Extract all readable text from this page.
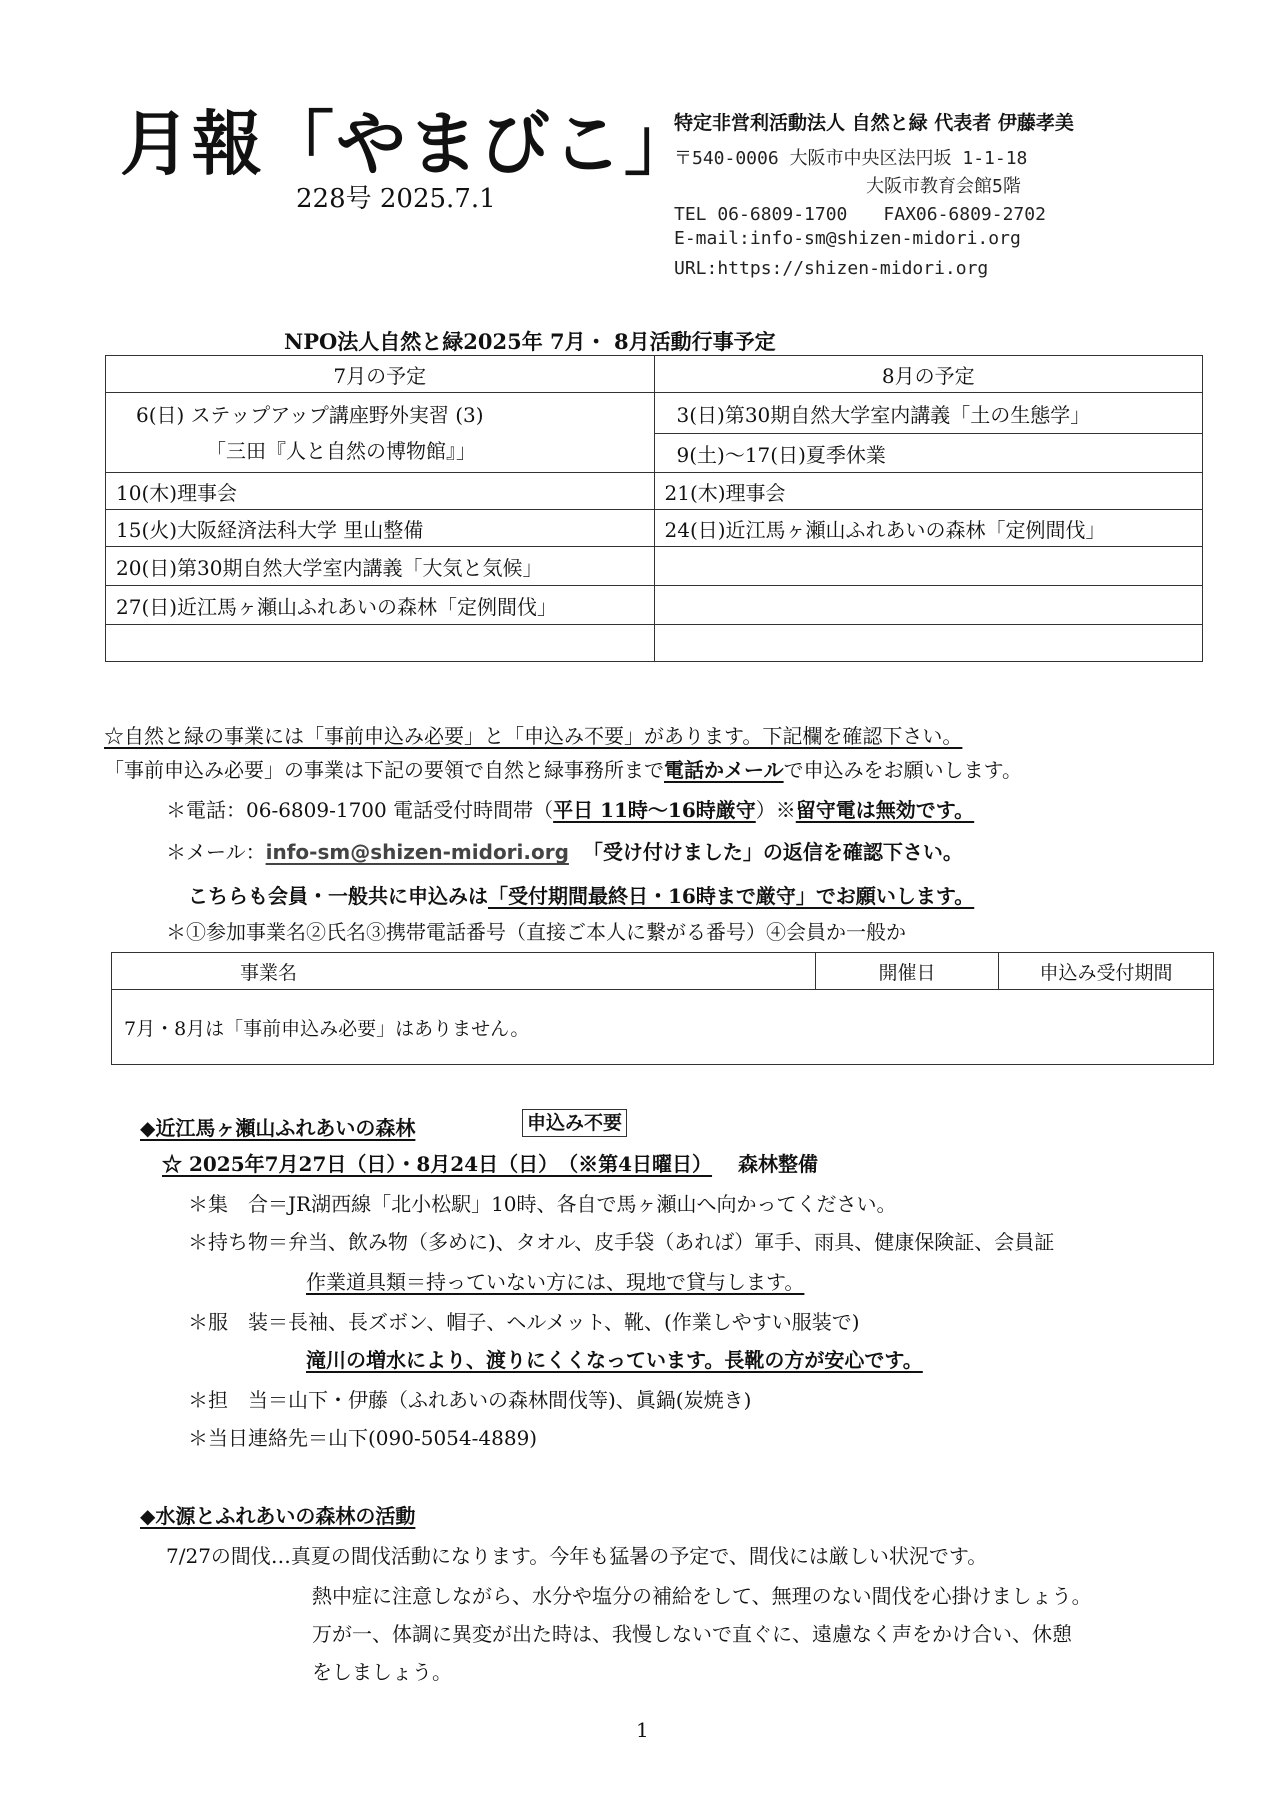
月報「やまびこ」
228号 2025.7.1
特定非営利活動法人 自然と緑 代表者 伊藤孝美
〒540-0006 大阪市中央区法円坂 1-1-18
大阪市教育会館5階
TEL 06-6809-1700　　FAX06-6809-2702
E-mail:info-sm@shizen-midori.org
URL:https://shizen-midori.org
NPO法人自然と緑2025年 7月・ 8月活動行事予定
7月の予定	8月の予定

6(日) ステップアップ講座野外実習 (3)
「三田『人と自然の博物館』」	3(日)第30期自然大学室内講義「土の生態学」
	9(土)〜17(日)夏季休業
10(木)理事会	21(木)理事会
15(火)大阪経済法科大学 里山整備	24(日)近江馬ヶ瀬山ふれあいの森林「定例間伐」
20(日)第30期自然大学室内講義「大気と気候」	
27(日)近江馬ヶ瀬山ふれあいの森林「定例間伐」	

☆自然と緑の事業には「事前申込み必要」と「申込み不要」があります。下記欄を確認下さい。
「事前申込み必要」の事業は下記の要領で自然と緑事務所まで電話かメールで申込みをお願いします。
＊電話：06-6809-1700 電話受付時間帯（平日 11時〜16時厳守）※留守電は無効です。
＊メール：info-sm@shizen-midori.org 「受け付けました」の返信を確認下さい。
こちらも会員・一般共に申込みは「受付期間最終日・16時まで厳守」でお願いします。
＊①参加事業名②氏名③携帯電話番号（直接ご本人に繋がる番号）④会員か一般か
事業名	開催日	申込み受付期間
7月・8月は「事前申込み必要」はありません。
◆近江馬ヶ瀬山ふれあいの森林	申込み不要
☆ 2025年7月27日（日）・8月24日（日）　（※第4日曜日） 森林整備
＊集　合＝JR湖西線「北小松駅」10時、各自で馬ヶ瀬山へ向かってください。
＊持ち物＝弁当、飲み物（多めに)、タオル、皮手袋（あれば）軍手、雨具、健康保険証、会員証
作業道具類＝持っていない方には、現地で貸与します。
＊服　装＝長袖、長ズボン、帽子、ヘルメット、靴、(作業しやすい服装で)
滝川の増水により、渡りにくくなっています。長靴の方が安心です。
＊担　当＝山下・伊藤（ふれあいの森林間伐等)、眞鍋(炭焼き)
＊当日連絡先＝山下(090-5054-4889)
◆水源とふれあいの森林の活動
7/27の間伐…真夏の間伐活動になります。今年も猛暑の予定で、間伐には厳しい状況です。
熱中症に注意しながら、水分や塩分の補給をして、無理のない間伐を心掛けましょう。
万が一、体調に異変が出た時は、我慢しないで直ぐに、遠慮なく声をかけ合い、休憩
をしましょう。
1
